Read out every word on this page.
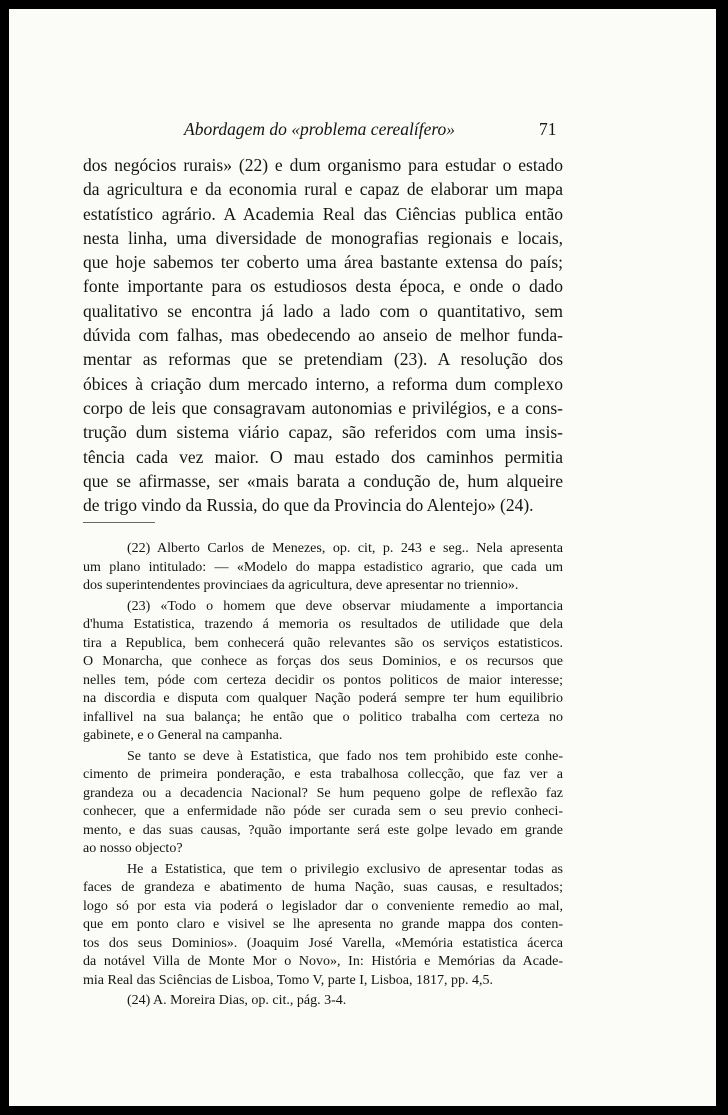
Abordagem do «problema cerealífero»	71
dos negócios rurais» (22) e dum organismo para estudar o estado
da agricultura e da economia rural e capaz de elaborar um mapa
estatístico agrário. A Academia Real das Ciências publica então
nesta linha, uma diversidade de monografias regionais e locais,
que hoje sabemos ter coberto uma área bastante extensa do país;
fonte importante para os estudiosos desta época, e onde o dado
qualitativo se encontra já lado a lado com o quantitativo, sem
dúvida com falhas, mas obedecendo ao anseio de melhor funda-
mentar as reformas que se pretendiam (23). A resolução dos
óbices à criação dum mercado interno, a reforma dum complexo
corpo de leis que consagravam autonomias e privilégios, e a cons-
trução dum sistema viário capaz, são referidos com uma insis-
tência cada vez maior. O mau estado dos caminhos permitia
que se afirmasse, ser «mais barata a condução de, hum alqueire
de trigo vindo da Russia, do que da Provincia do Alentejo» (24).
(22) Alberto Carlos de Menezes, op. cit, p. 243 e seg.. Nela apresenta
um plano intitulado: — «Modelo do mappa estadistico agrario, que cada um
dos superintendentes provinciaes da agricultura, deve apresentar no triennio».
(23) «Todo o homem que deve observar miudamente a importancia
d'huma Estatistica, trazendo á memoria os resultados de utilidade que dela
tira a Republica, bem conhecerá quão relevantes são os serviços estatisticos.
O Monarcha, que conhece as forças dos seus Dominios, e os recursos que
nelles tem, póde com certeza decidir os pontos politicos de maior interesse;
na discordia e disputa com qualquer Nação poderá sempre ter hum equilibrio
infallivel na sua balança; he então que o politico trabalha com certeza no
gabinete, e o General na campanha.
Se tanto se deve à Estatistica, que fado nos tem prohibido este conhe-
cimento de primeira ponderação, e esta trabalhosa collecção, que faz ver a
grandeza ou a decadencia Nacional? Se hum pequeno golpe de reflexão faz
conhecer, que a enfermidade não póde ser curada sem o seu previo conheci-
mento, e das suas causas, ?quão importante será este golpe levado em grande
ao nosso objecto?
He a Estatistica, que tem o privilegio exclusivo de apresentar todas as
faces de grandeza e abatimento de huma Nação, suas causas, e resultados;
logo só por esta via poderá o legislador dar o conveniente remedio ao mal,
que em ponto claro e visivel se lhe apresenta no grande mappa dos conten-
tos dos seus Dominios». (Joaquim José Varella, «Memória estatistica ácerca
da notável Villa de Monte Mor o Novo», In: História e Memórias da Acade-
mia Real das Sciências de Lisboa, Tomo V, parte I, Lisboa, 1817, pp. 4,5.
(24) A. Moreira Dias, op. cit., pág. 3-4.
